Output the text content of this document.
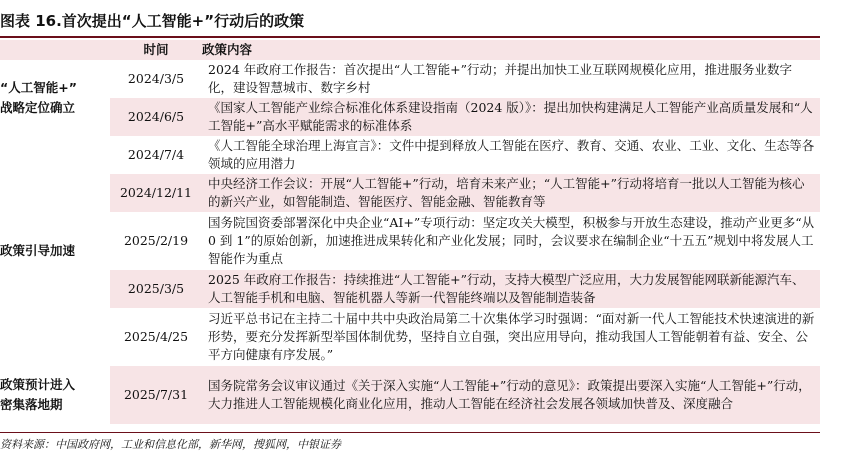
图表 16.首次提出“人工智能+”行动后的政策
	时间	政策内容
“人工智能+”
战略定位确立	2024/3/5	2024 年政府工作报告：首次提出“人工智能+”行动；并提出加快工业互联网规模化应用，推进服务业数字化，建设智慧城市、数字乡村
	2024/6/5	《国家人工智能产业综合标准化体系建设指南（2024 版）》：提出加快构建满足人工智能产业高质量发展和“人工智能+”高水平赋能需求的标准体系
政策引导加速	2024/7/4	《人工智能全球治理上海宣言》：文件中提到释放人工智能在医疗、教育、交通、农业、工业、文化、生态等各领域的应用潜力
	2024/12/11	中央经济工作会议：开展“人工智能+”行动，培育未来产业；“人工智能+”行动将培育一批以人工智能为核心的新兴产业，如智能制造、智能医疗、智能金融、智能教育等
	2025/2/19	国务院国资委部署深化中央企业“AI+”专项行动：坚定攻关大模型，积极参与开放生态建设，推动产业更多“从 0 到 1”的原始创新，加速推进成果转化和产业化发展；同时，会议要求在编制企业“十五五”规划中将发展人工智能作为重点
	2025/3/5	2025 年政府工作报告：持续推进“人工智能+”行动，支持大模型广泛应用，大力发展智能网联新能源汽车、人工智能手机和电脑、智能机器人等新一代智能终端以及智能制造装备
	2025/4/25	习近平总书记在主持二十届中共中央政治局第二十次集体学习时强调：“面对新一代人工智能技术快速演进的新形势，要充分发挥新型举国体制优势，坚持自立自强，突出应用导向，推动我国人工智能朝着有益、安全、公平方向健康有序发展。”
政策预计进入
密集落地期	2025/7/31	国务院常务会议审议通过《关于深入实施“人工智能+”行动的意见》：政策提出要深入实施“人工智能+”行动，大力推进人工智能规模化商业化应用，推动人工智能在经济社会发展各领域加快普及、深度融合
资料来源：中国政府网，工业和信息化部，新华网，搜狐网，中银证券
